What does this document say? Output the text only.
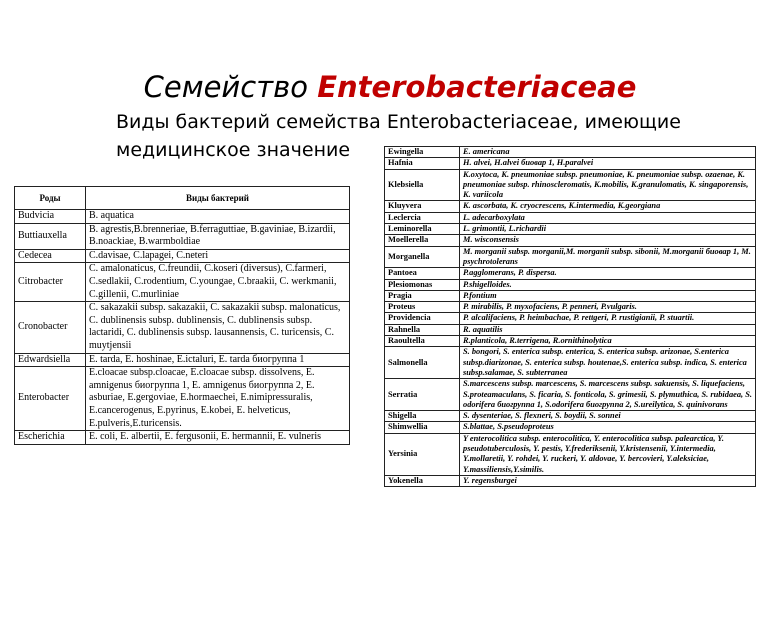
Семейство Enterobacteriaceae
Виды бактерий семейства Enterobacteriaceae, имеющие медицинское значение
Роды	Виды бактерий
Budvicia	B. aquatica
Buttiauxella	B. agrestis,B.brenneriae, B.ferraguttiae, B.gaviniae, B.izardii, B.noackiae, B.warmboldiae
Cedecea	C.davisae, C.lapagei, C.neteri
Citrobacter	C. amalonaticus, C.freundii, C.koseri (diversus), C.farmeri, C.sedlakii, C.rodentium, C.youngae, C.braakii, C. werkmanii, C.gillenii, C.murliniae
Cronobacter	C. sakazakii subsp. sakazakii, C. sakazakii subsp. malonaticus, C. dublinensis subsp. dublinensis, C. dublinensis subsp. lactaridi, C. dublinensis subsp. lausannensis, C. turicensis, C. muytjensii
Edwardsiella	E. tarda, E. hoshinae, E.ictaluri, E. tarda биогруппа 1
Enterobacter	E.cloacae subsp.cloacae, E.cloacae subsp. dissolvens, E. amnigenus биогруппа 1, E. amnigenus биогруппа 2, E. asburiae, E.gergoviae, E.hormaechei, E.nimipressuralis, E.cancerogenus, E.pyrinus, E.kobei, E. helveticus, E.pulveris,E.turicensis.
Escherichia	E. coli, E. albertii, E. fergusonii, E. hermannii, E. vulneris
Ewingella	E. americana
Hafnia	H. alvei, H.alvei биовар 1, H.paralvei
Klebsiella	K.oxytoca, K. pneumoniae subsp. pneumoniae, K. pneumoniae subsp. ozaenae, K. pneumoniae subsp. rhinoscleromatis, K.mobilis, K.granulomatis, K. singaporensis, K. variicola
Kluyvera	K. ascorbata, K. cryocrescens, K.intermedia, K.georgiana
Leclercia	L. adecarboxylata
Leminorella	L. grimontii, L.richardii
Moellerella	M. wisconsensis
Morganella	M. morganii subsp. morganii,M. morganii subsp. sibonii, M.morganii биовар 1, M. psychrotolerans
Pantoea	P.agglomerans, P. dispersa.
Plesiomonas	P.shigelloides.
Pragia	P.fontium
Proteus	P. mirabilis, P. myxofaciens, P. penneri, P.vulgaris.
Providencia	P. alcalifaciens, P. heimbachae, P. rettgeri, P. rustigianii, P. stuartii.
Rahnella	R. aquatilis
Raoultella	R.planticola, R.terrigena, R.ornithinolytica
Salmonella	S. bongori, S. enterica subsp. enterica, S. enterica subsp. arizonae, S.enterica subsp.diarizonae, S. enterica subsp. houtenae,S. enterica subsp. indica, S. enterica subsp.salamae, S. subterranea
Serratia	S.marcescens subsp. marcescens, S. marcescens subsp. sakuensis, S. liquefaciens, S.proteamaculans, S. ficaria, S. fonticola, S. grimesii, S. plymuthica, S. rubidaea, S. odorifera биогруппа 1, S.odorifera биогруппа 2, S.ureilytica, S. quinivorans
Shigella	S. dysenteriae, S. flexneri, S. boydii, S. sonnei
Shimwellia	S.blattae, S.pseudoproteus
Yersinia	Y enterocolitica subsp. enterocolitica, Y. enterocolitica subsp. palearctica, Y. pseudotuberculosis, Y. pestis, Y.frederiksenii, Y.kristensenii, Y.intermedia, Y.mollaretii, Y. rohdei, Y. ruckeri, Y. aldovae, Y. bercovieri, Y.aleksiciae, Y.massiliensis,Y.similis.
Yokenella	Y. regensburgei
